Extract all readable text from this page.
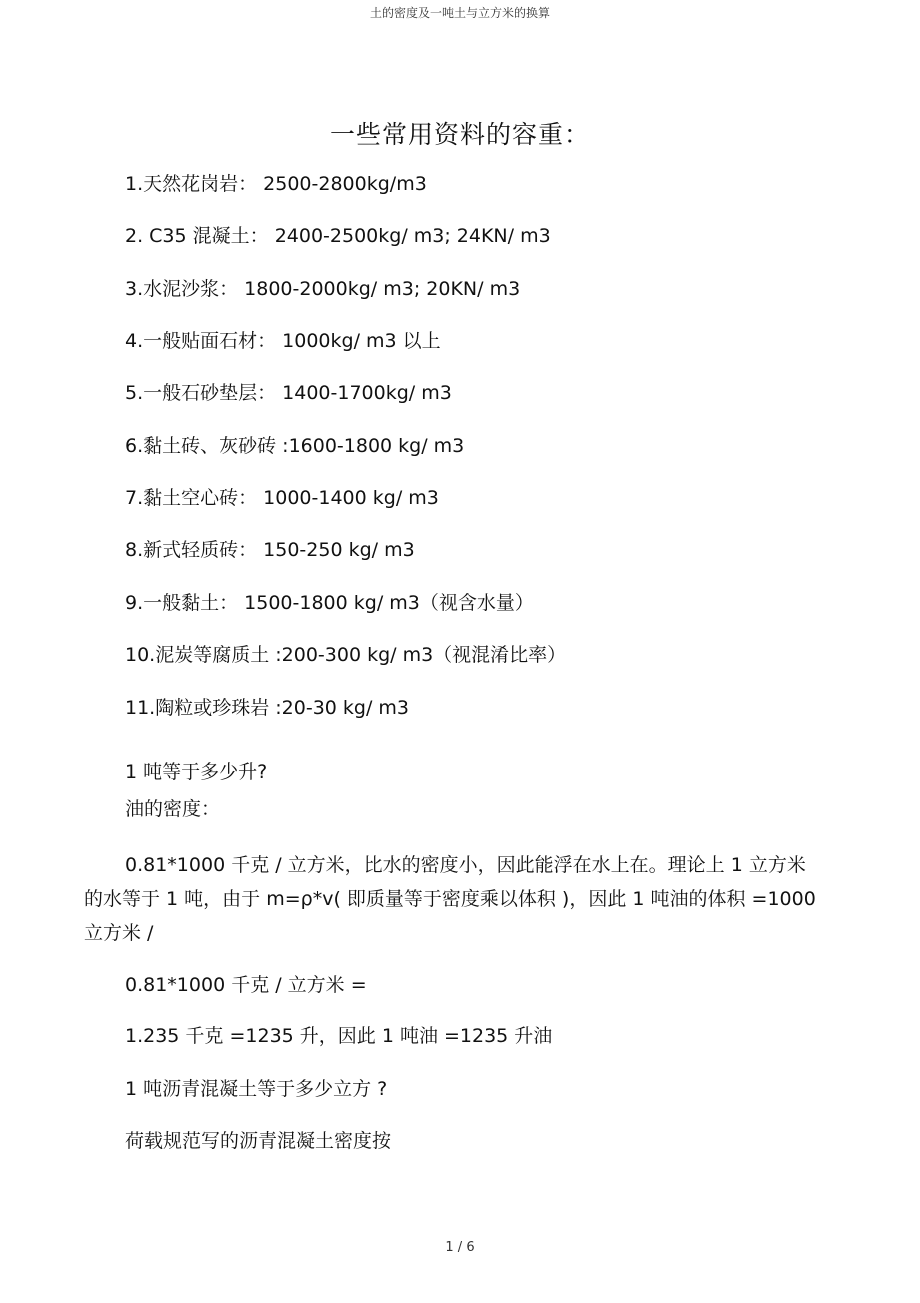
土的密度及一吨土与立方米的换算
一些常用资料的容重：
1.天然花岗岩： 2500-2800kg/m3
2. C35 混凝土： 2400-2500kg/ m3; 24KN/ m3
3.水泥沙浆： 1800-2000kg/ m3; 20KN/ m3
4.一般贴面石材： 1000kg/ m3 以上
5.一般石砂垫层： 1400-1700kg/ m3
6.黏土砖、灰砂砖 :1600-1800 kg/ m3
7.黏土空心砖： 1000-1400 kg/ m3
8.新式轻质砖： 150-250 kg/ m3
9.一般黏土： 1500-1800 kg/ m3（视含水量）
10.泥炭等腐质土 :200-300 kg/ m3（视混淆比率）
11.陶粒或珍珠岩 :20-30 kg/ m3
1 吨等于多少升?
油的密度：
0.81*1000 千克 / 立方米，比水的密度小，因此能浮在水上在。理论上 1 立方米的水等于 1 吨，由于 m=ρ*v( 即质量等于密度乘以体积 )，因此 1 吨油的体积 =1000 立方米 /
0.81*1000 千克 / 立方米 =
1.235 千克 =1235 升，因此 1 吨油 =1235 升油
1 吨沥青混凝土等于多少立方 ?
荷载规范写的沥青混凝土密度按
1 / 6
